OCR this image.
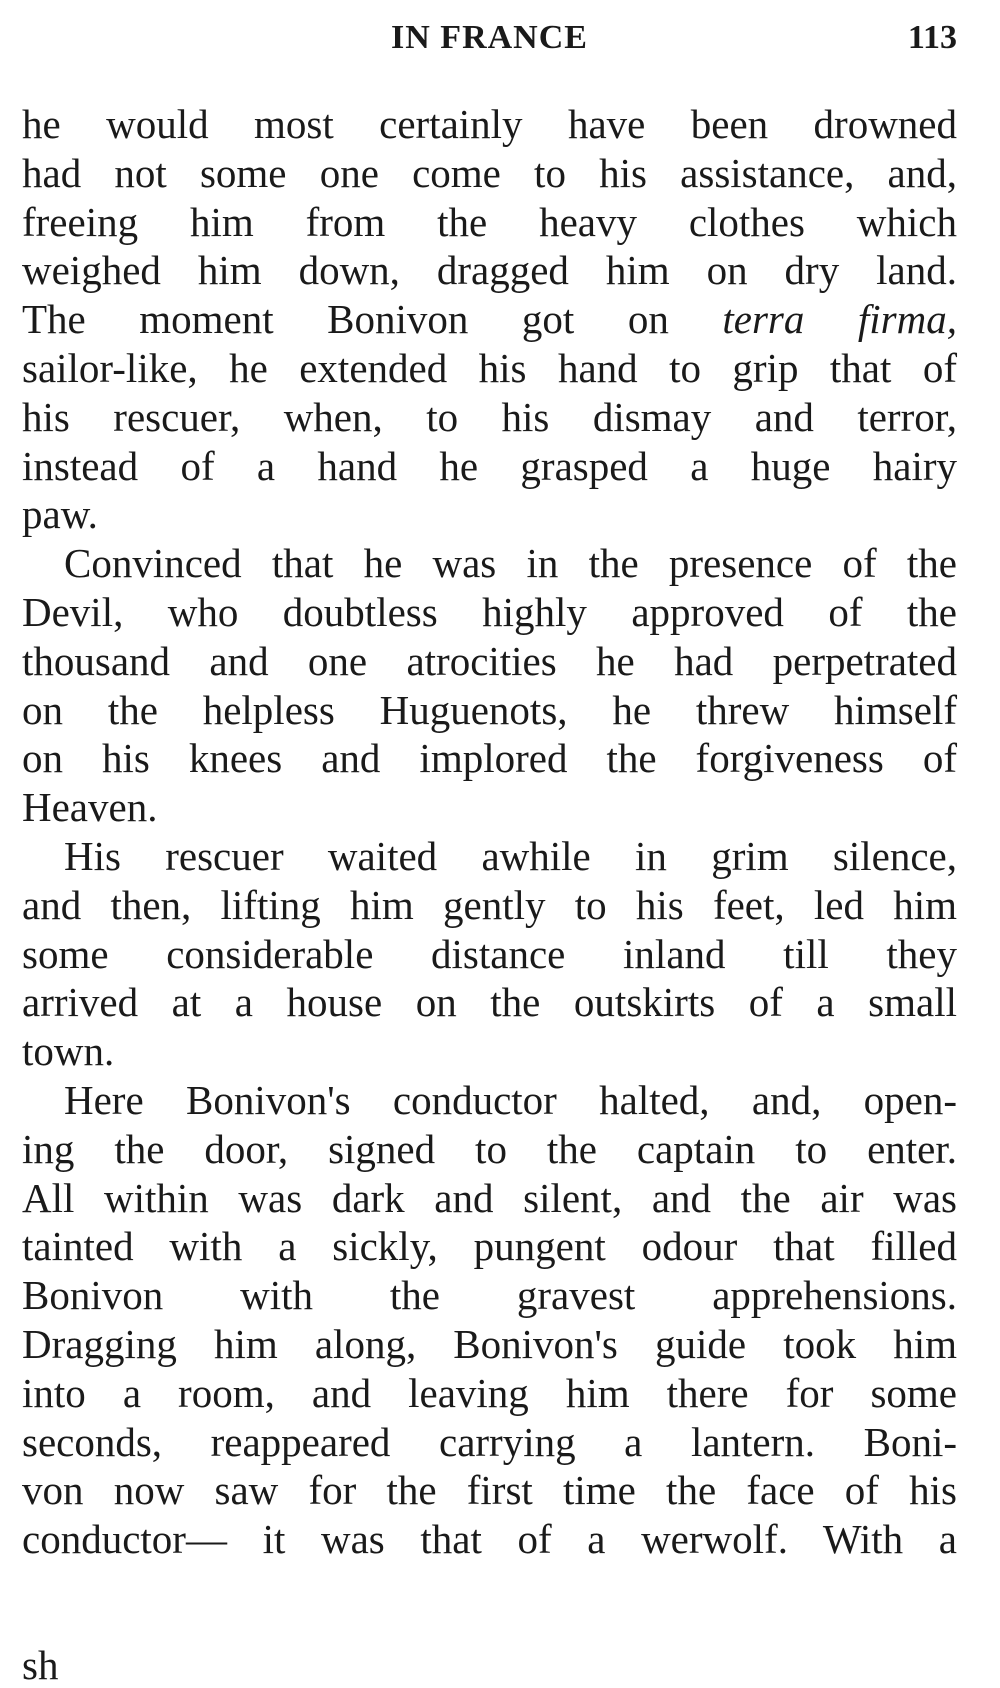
IN FRANCE	113
he would most certainly have been drowned
had not some one come to his assistance, and,
freeing him from the heavy clothes which
weighed him down, dragged him on dry land.
The moment Bonivon got on terra firma,
sailor-like, he extended his hand to grip that of
his rescuer, when, to his dismay and terror,
instead of a hand he grasped a huge hairy
paw.
Convinced that he was in the presence of the
Devil, who doubtless highly approved of the
thousand and one atrocities he had perpetrated
on the helpless Huguenots, he threw himself
on his knees and implored the forgiveness of
Heaven.
His rescuer waited awhile in grim silence,
and then, lifting him gently to his feet, led him
some considerable distance inland till they
arrived at a house on the outskirts of a small
town.
Here Bonivon's conductor halted, and, open-
ing the door, signed to the captain to enter.
All within was dark and silent, and the air was
tainted with a sickly, pungent odour that filled
Bonivon with the gravest apprehensions.
Dragging him along, Bonivon's guide took him
into a room, and leaving him there for some
seconds, reappeared carrying a lantern. Boni-
von now saw for the first time the face of his
conductor— it was that of a werwolf. With a
sh
